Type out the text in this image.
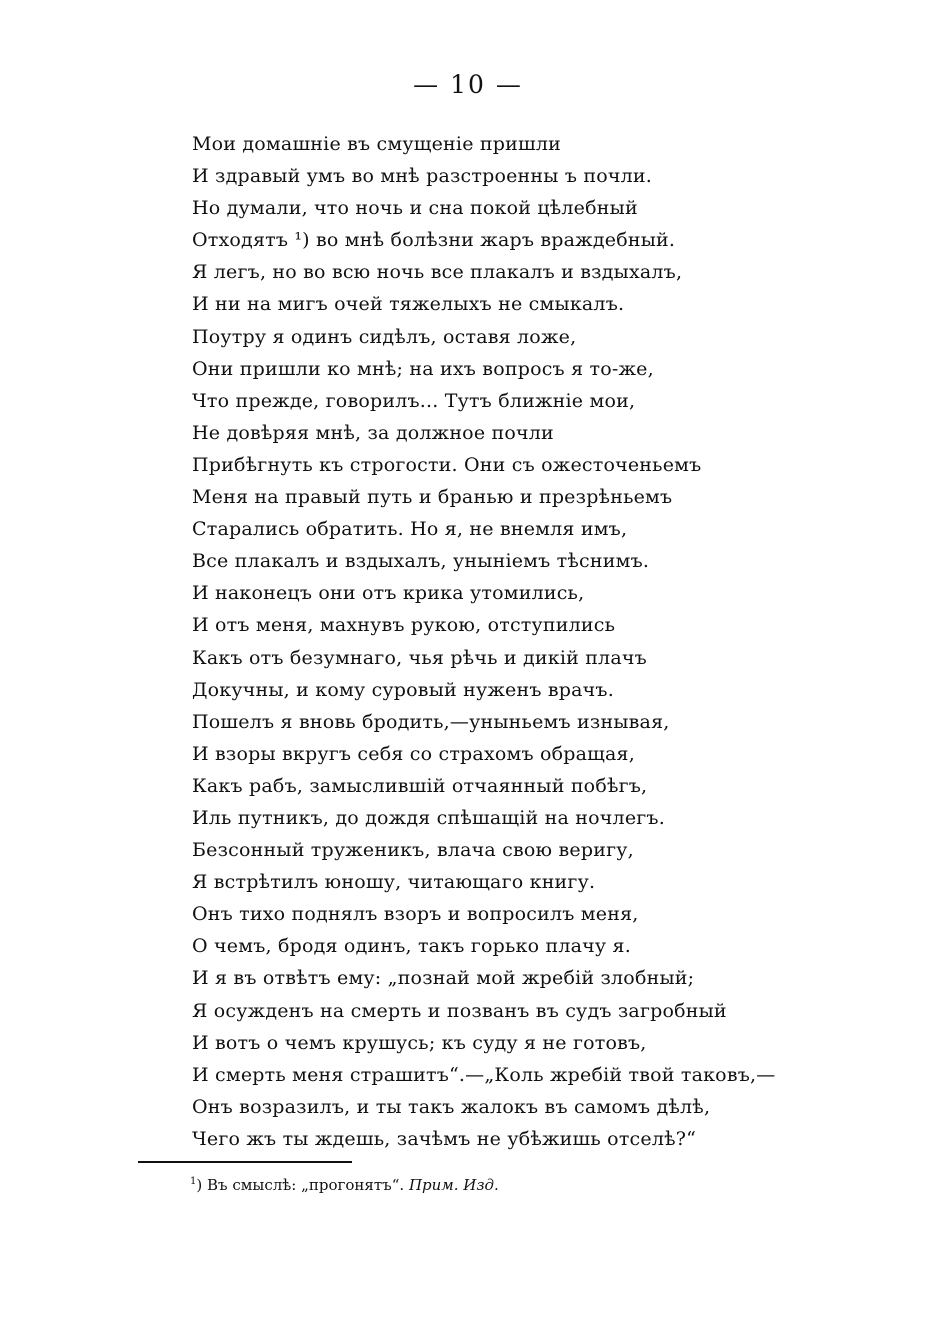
— 10 —
Мои домашніе въ смущеніе пришли
И здравый умъ во мнѣ разстроенны ъ почли.
Но думали, что ночь и сна покой цѣлебный
Отходятъ ¹) во мнѣ болѣзни жаръ враждебный.
Я легъ, но во всю ночь все плакалъ и вздыхалъ,
И ни на мигъ очей тяжелыхъ не смыкалъ.
Поутру я одинъ сидѣлъ, оставя ложе,
Они пришли ко мнѣ; на ихъ вопросъ я то-же,
Что прежде, говорилъ... Тутъ ближніе мои,
Не довѣряя мнѣ, за должное почли
Прибѣгнуть къ строгости. Они съ ожесточеньемъ
Меня на правый путь и бранью и презрѣньемъ
Старались обратить. Но я, не внемля имъ,
Все плакалъ и вздыхалъ, уныніемъ тѣснимъ.
И наконецъ они отъ крика утомились,
И отъ меня, махнувъ рукою, отступились
Какъ отъ безумнаго, чья рѣчь и дикій плачъ
Докучны, и кому суровый нуженъ врачъ.
Пошелъ я вновь бродить,—уныньемъ изнывая,
И взоры вкругъ себя со страхомъ обращая,
Какъ рабъ, замыслившій отчаянный побѣгъ,
Иль путникъ, до дождя спѣшащій на ночлегъ.
Безсонный труженикъ, влача свою веригу,
Я встрѣтилъ юношу, читающаго книгу.
Онъ тихо поднялъ взоръ и вопросилъ меня,
О чемъ, бродя одинъ, такъ горько плачу я.
И я въ отвѣтъ ему: „познай мой жребій злобный;
Я осужденъ на смерть и позванъ въ судъ загробный
И вотъ о чемъ крушусь; къ суду я не готовъ,
И смерть меня страшитъ“.—„Коль жребій твой таковъ,—
Онъ возразилъ, и ты такъ жалокъ въ самомъ дѣлѣ,
Чего жъ ты ждешь, зачѣмъ не убѣжишь отселѣ?“
$^1$) Въ смыслѣ: „прогонятъ“. Прим. Изд.
